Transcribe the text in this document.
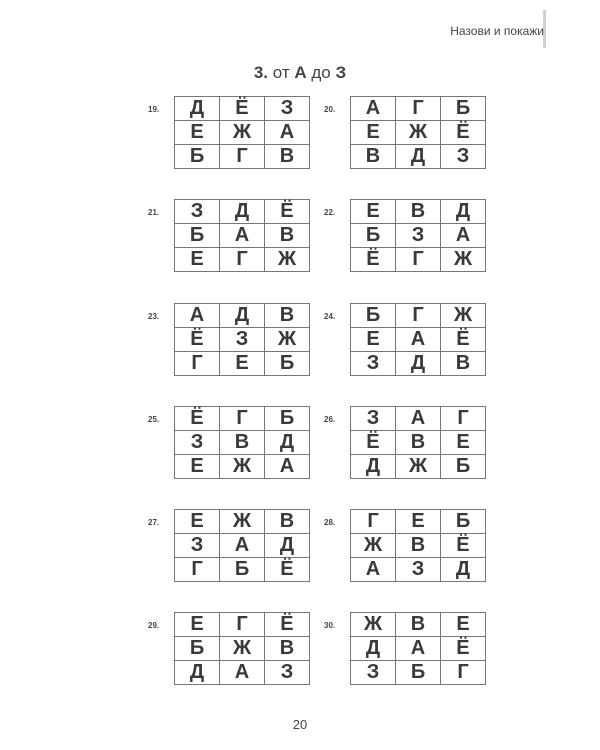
Назови и покажи
3. от А до З
19. Д	Ё	З
Е	Ж	А
Б	Г	В
20. А	Г	Б
Е	Ж	Ё
В	Д	З
21. З	Д	Ё
Б	А	В
Е	Г	Ж
22. Е	В	Д
Б	З	А
Ё	Г	Ж
23. А	Д	В
Ё	З	Ж
Г	Е	Б
24. Б	Г	Ж
Е	А	Ё
З	Д	В
25. Ё	Г	Б
З	В	Д
Е	Ж	А
26. З	А	Г
Ё	В	Е
Д	Ж	Б
27. Е	Ж	В
З	А	Д
Г	Б	Ё
28. Г	Е	Б
Ж	В	Ё
А	З	Д
29. Е	Г	Ё
Б	Ж	В
Д	А	З
30. Ж	В	Е
Д	А	Ё
З	Б	Г
20
